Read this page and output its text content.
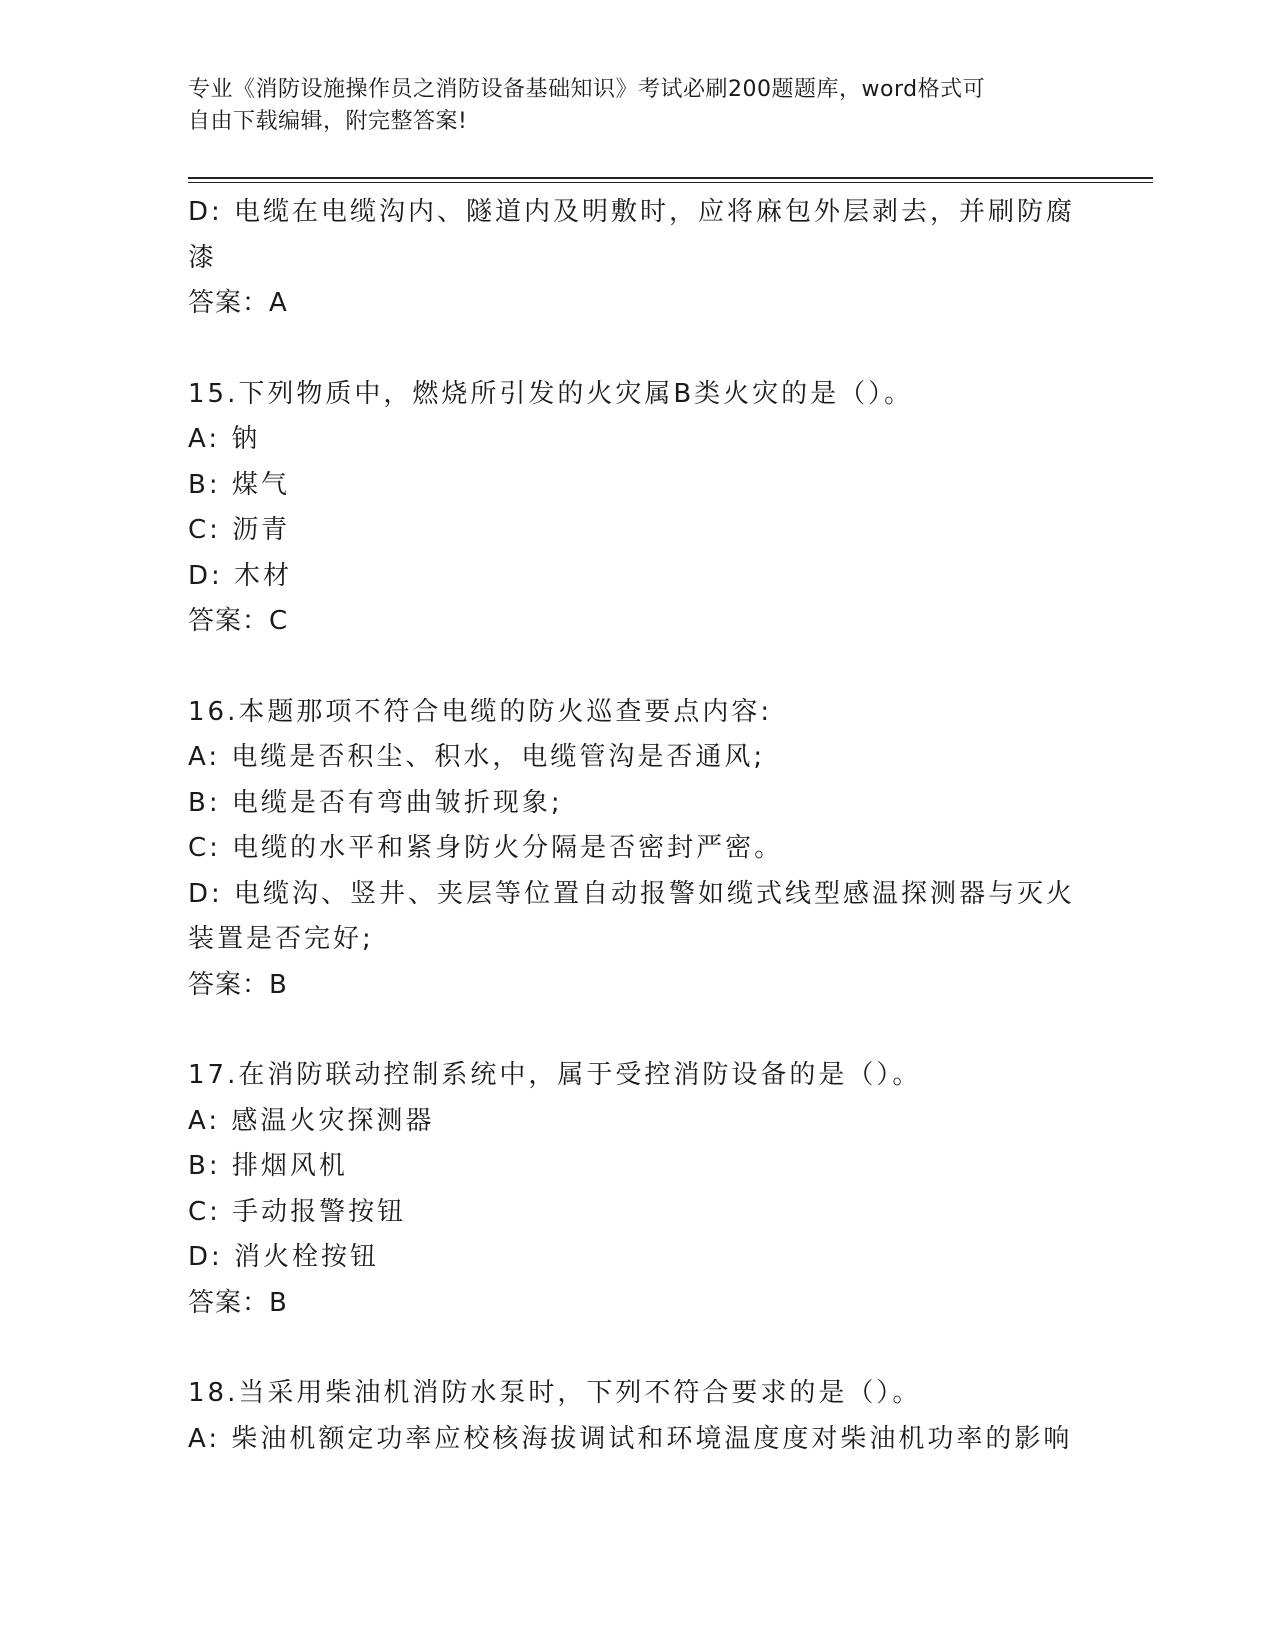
专业《消防设施操作员之消防设备基础知识》考试必刷200题题库，word格式可
自由下载编辑，附完整答案!
D: 电缆在电缆沟内、隧道内及明敷时，应将麻包外层剥去，并刷防腐
漆
答案：A
15.下列物质中，燃烧所引发的火灾属B类火灾的是（）。
A: 钠
B: 煤气
C: 沥青
D: 木材
答案：C
16.本题那项不符合电缆的防火巡查要点内容:
A: 电缆是否积尘、积水，电缆管沟是否通风;
B: 电缆是否有弯曲皱折现象;
C: 电缆的水平和紧身防火分隔是否密封严密。
D: 电缆沟、竖井、夹层等位置自动报警如缆式线型感温探测器与灭火
装置是否完好;
答案：B
17.在消防联动控制系统中，属于受控消防设备的是（）。
A: 感温火灾探测器
B: 排烟风机
C: 手动报警按钮
D: 消火栓按钮
答案：B
18.当采用柴油机消防水泵时，下列不符合要求的是（）。
A: 柴油机额定功率应校核海拔调试和环境温度度对柴油机功率的影响
